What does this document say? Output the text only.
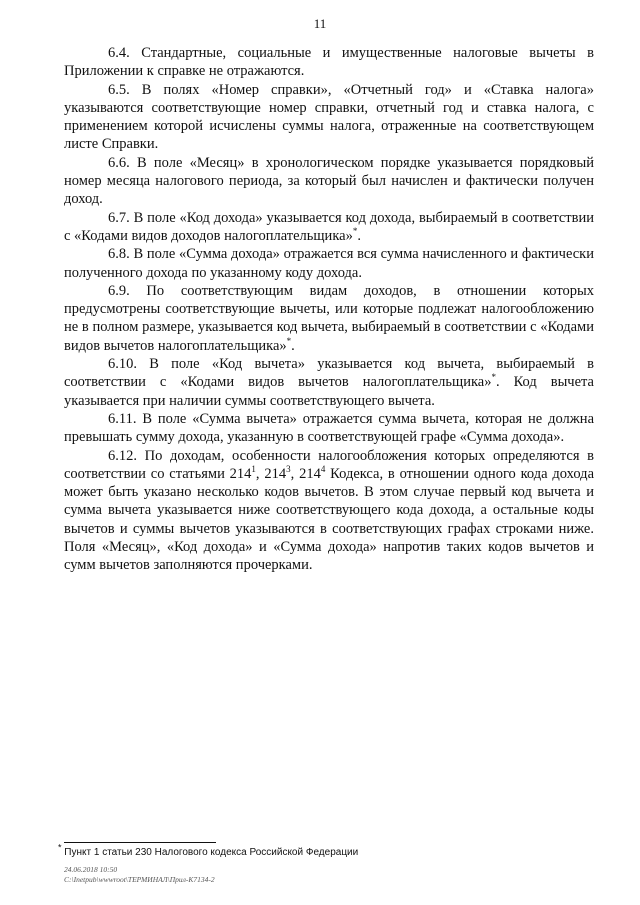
11

6.4. Стандартные, социальные и имущественные налоговые вычеты в Приложении к справке не отражаются.

6.5. В полях «Номер справки», «Отчетный год» и «Ставка налога» указываются соответствующие номер справки, отчетный год и ставка налога, с применением которой исчислены суммы налога, отраженные на соответствующем листе Справки.

6.6. В поле «Месяц» в хронологическом порядке указывается порядковый номер месяца налогового периода, за который был начислен и фактически получен доход.

6.7. В поле «Код дохода» указывается код дохода, выбираемый в соответствии с «Кодами видов доходов налогоплательщика»*.

6.8. В поле «Сумма дохода» отражается вся сумма начисленного и фактически полученного дохода по указанному коду дохода.

6.9. По соответствующим видам доходов, в отношении которых предусмотрены соответствующие вычеты, или которые подлежат налогообложению не в полном размере, указывается код вычета, выбираемый в соответствии с «Кодами видов вычетов налогоплательщика»*.

6.10. В поле «Код вычета» указывается код вычета, выбираемый в соответствии с «Кодами видов вычетов налогоплательщика»*. Код вычета указывается при наличии суммы соответствующего вычета.

6.11. В поле «Сумма вычета» отражается сумма вычета, которая не должна превышать сумму дохода, указанную в соответствующей графе «Сумма дохода».

6.12. По доходам, особенности налогообложения которых определяются в соответствии со статьями $214^1$, $214^3$, $214^4$ Кодекса, в отношении одного кода дохода может быть указано несколько кодов вычетов. В этом случае первый код вычета и сумма вычета указывается ниже соответствующего кода дохода, а остальные коды вычетов и суммы вычетов указываются в соответствующих графах строками ниже. Поля «Месяц», «Код дохода» и «Сумма дохода» напротив таких кодов вычетов и сумм вычетов заполняются прочерками.

* Пункт 1 статьи 230 Налогового кодекса Российской Федерации
24.06.2018 10:50
С:\Inetpub\wwwroot\ТЕРМИНАЛ\Прил-К7134-2
